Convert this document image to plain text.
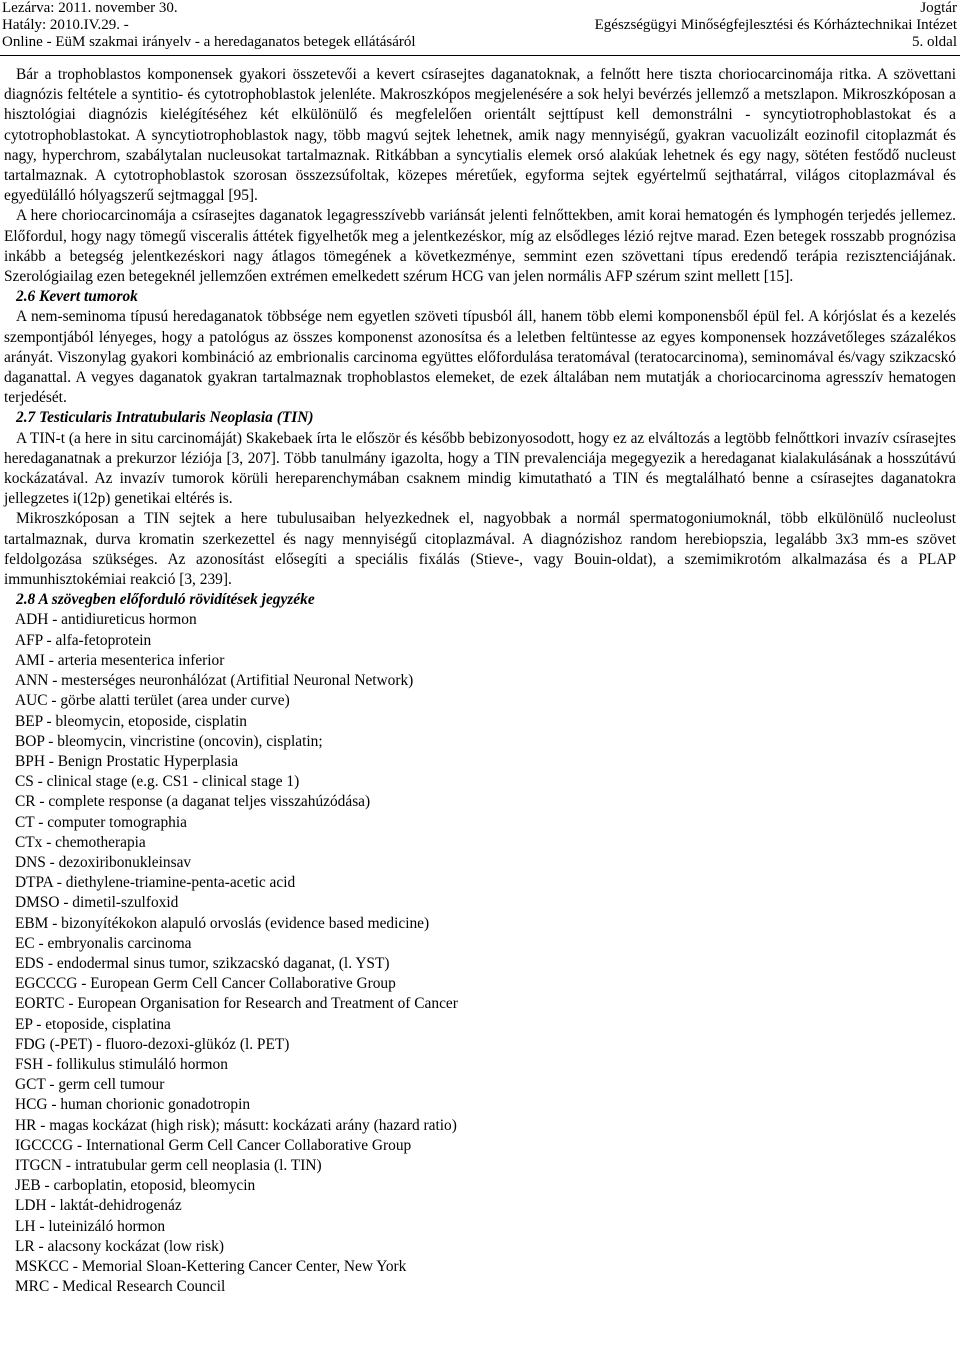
Lezárva: 2011. november 30.
Hatály: 2010.IV.29. -
Online - EüM szakmai irányelv - a heredaganatos betegek ellátásáról
Jogtár
Egészségügyi Minőségfejlesztési és Kórháztechnikai Intézet
5. oldal

Bár a trophoblastos komponensek gyakori összetevői a kevert csírasejtes daganatoknak, a felnőtt here tiszta choriocarcinomája ritka. A szövettani diagnózis feltétele a syntitio- és cytotrophoblastok jelenléte. Makroszkópos megjelenésére a sok helyi bevérzés jellemző a metszlapon. Mikroszkóposan a hisztológiai diagnózis kielégítéséhez két elkülönülő és megfelelően orientált sejttípust kell demonstrálni - syncytiotrophoblastokat és a cytotrophoblastokat. A syncytiotrophoblastok nagy, több magvú sejtek lehetnek, amik nagy mennyiségű, gyakran vacuolizált eozinofil citoplazmát és nagy, hyperchrom, szabálytalan nucleusokat tartalmaznak. Ritkábban a syncytialis elemek orsó alakúak lehetnek és egy nagy, sötéten festődő nucleust tartalmaznak. A cytotrophoblastok szorosan összezsúfoltak, közepes méretűek, egyforma sejtek egyértelmű sejthatárral, világos citoplazmával és egyedülálló hólyagszerű sejtmaggal [95].

A here choriocarcinomája a csírasejtes daganatok legagresszívebb variánsát jelenti felnőttekben, amit korai hematogén és lymphogén terjedés jellemez. Előfordul, hogy nagy tömegű visceralis áttétek figyelhetők meg a jelentkezéskor, míg az elsődleges lézió rejtve marad. Ezen betegek rosszabb prognózisa inkább a betegség jelentkezéskori nagy átlagos tömegének a következménye, semmint ezen szövettani típus eredendő terápia rezisztenciájának. Szerológiailag ezen betegeknél jellemzően extrémen emelkedett szérum HCG van jelen normális AFP szérum szint mellett [15].

2.6 Kevert tumorok

A nem-seminoma típusú heredaganatok többsége nem egyetlen szöveti típusból áll, hanem több elemi komponensből épül fel. A kórjóslat és a kezelés szempontjából lényeges, hogy a patológus az összes komponenst azonosítsa és a leletben feltüntesse az egyes komponensek hozzávetőleges százalékos arányát. Viszonylag gyakori kombináció az embrionalis carcinoma együttes előfordulása teratomával (teratocarcinoma), seminomával és/vagy szikzacskó daganattal. A vegyes daganatok gyakran tartalmaznak trophoblastos elemeket, de ezek általában nem mutatják a choriocarcinoma agresszív hematogen terjedését.

2.7 Testicularis Intratubularis Neoplasia (TIN)

A TIN-t (a here in situ carcinomáját) Skakebaek írta le először és később bebizonyosodott, hogy ez az elváltozás a legtöbb felnőttkori invazív csírasejtes heredaganatnak a prekurzor léziója [3, 207]. Több tanulmány igazolta, hogy a TIN prevalenciája megegyezik a heredaganat kialakulásának a hosszútávú kockázatával. Az invazív tumorok körüli hereparenchymában csaknem mindig kimutatható a TIN és megtalálható benne a csírasejtes daganatokra jellegzetes i(12p) genetikai eltérés is.

Mikroszkóposan a TIN sejtek a here tubulusaiban helyezkednek el, nagyobbak a normál spermatogoniumoknál, több elkülönülő nucleolust tartalmaznak, durva kromatin szerkezettel és nagy mennyiségű citoplazmával. A diagnózishoz random herebiopszia, legalább 3x3 mm-es szövet feldolgozása szükséges. Az azonosítást elősegíti a speciális fixálás (Stieve-, vagy Bouin-oldat), a szemimikrotóm alkalmazása és a PLAP immunhisztokémiai reakció [3, 239].

2.8 A szövegben előforduló rövidítések jegyzéke

ADH - antidiureticus hormon
AFP - alfa-fetoprotein
AMI - arteria mesenterica inferior
ANN - mesterséges neuronhálózat (Artifitial Neuronal Network)
AUC - görbe alatti terület (area under curve)
BEP - bleomycin, etoposide, cisplatin
BOP - bleomycin, vincristine (oncovin), cisplatin;
BPH - Benign Prostatic Hyperplasia
CS - clinical stage (e.g. CS1 - clinical stage 1)
CR - complete response (a daganat teljes visszahúzódása)
CT - computer tomographia
CTx - chemotherapia
DNS - dezoxiribonukleinsav
DTPA - diethylene-triamine-penta-acetic acid
DMSO - dimetil-szulfoxid
EBM - bizonyítékokon alapuló orvoslás (evidence based medicine)
EC - embryonalis carcinoma
EDS - endodermal sinus tumor, szikzacskó daganat, (l. YST)
EGCCCG - European Germ Cell Cancer Collaborative Group
EORTC - European Organisation for Research and Treatment of Cancer
EP - etoposide, cisplatina
FDG (-PET) - fluoro-dezoxi-glükóz (l. PET)
FSH - follikulus stimuláló hormon
GCT - germ cell tumour
HCG - human chorionic gonadotropin
HR - magas kockázat (high risk); másutt: kockázati arány (hazard ratio)
IGCCCG - International Germ Cell Cancer Collaborative Group
ITGCN - intratubular germ cell neoplasia (l. TIN)
JEB - carboplatin, etoposid, bleomycin
LDH - laktát-dehidrogenáz
LH - luteinizáló hormon
LR - alacsony kockázat (low risk)
MSKCC - Memorial Sloan-Kettering Cancer Center, New York
MRC - Medical Research Council
